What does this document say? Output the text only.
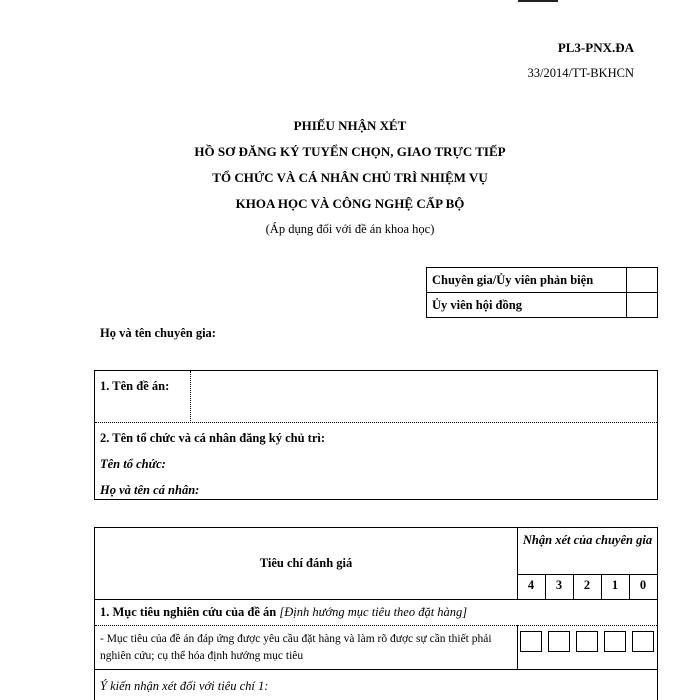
PL3-PNX.ĐA
33/2014/TT-BKHCN
PHIẾU NHẬN XÉT
HỒ SƠ ĐĂNG KÝ TUYỂN CHỌN, GIAO TRỰC TIẾP
TỔ CHỨC VÀ CÁ NHÂN CHỦ TRÌ NHIỆM VỤ
KHOA HỌC VÀ CÔNG NGHỆ CẤP BỘ
(Áp dụng đối với đề án khoa học)
Chuyên gia/Ủy viên phản biện	
Ủy viên hội đồng	
Họ và tên chuyên gia:
1. Tên đề án:
2. Tên tổ chức và cá nhân đăng ký chủ trì:
Tên tổ chức:
Họ và tên cá nhân:
Tiêu chí đánh giá
Nhận xét của chuyên gia
4	3	2	1	0
1. Mục tiêu nghiên cứu của đề án [Định hướng mục tiêu theo đặt hàng]
- Mục tiêu của đề án đáp ứng được yêu cầu đặt hàng và làm rõ được sự cần thiết phải nghiên cứu; cụ thể hóa định hướng mục tiêu
Ý kiến nhận xét đối với tiêu chí 1:
